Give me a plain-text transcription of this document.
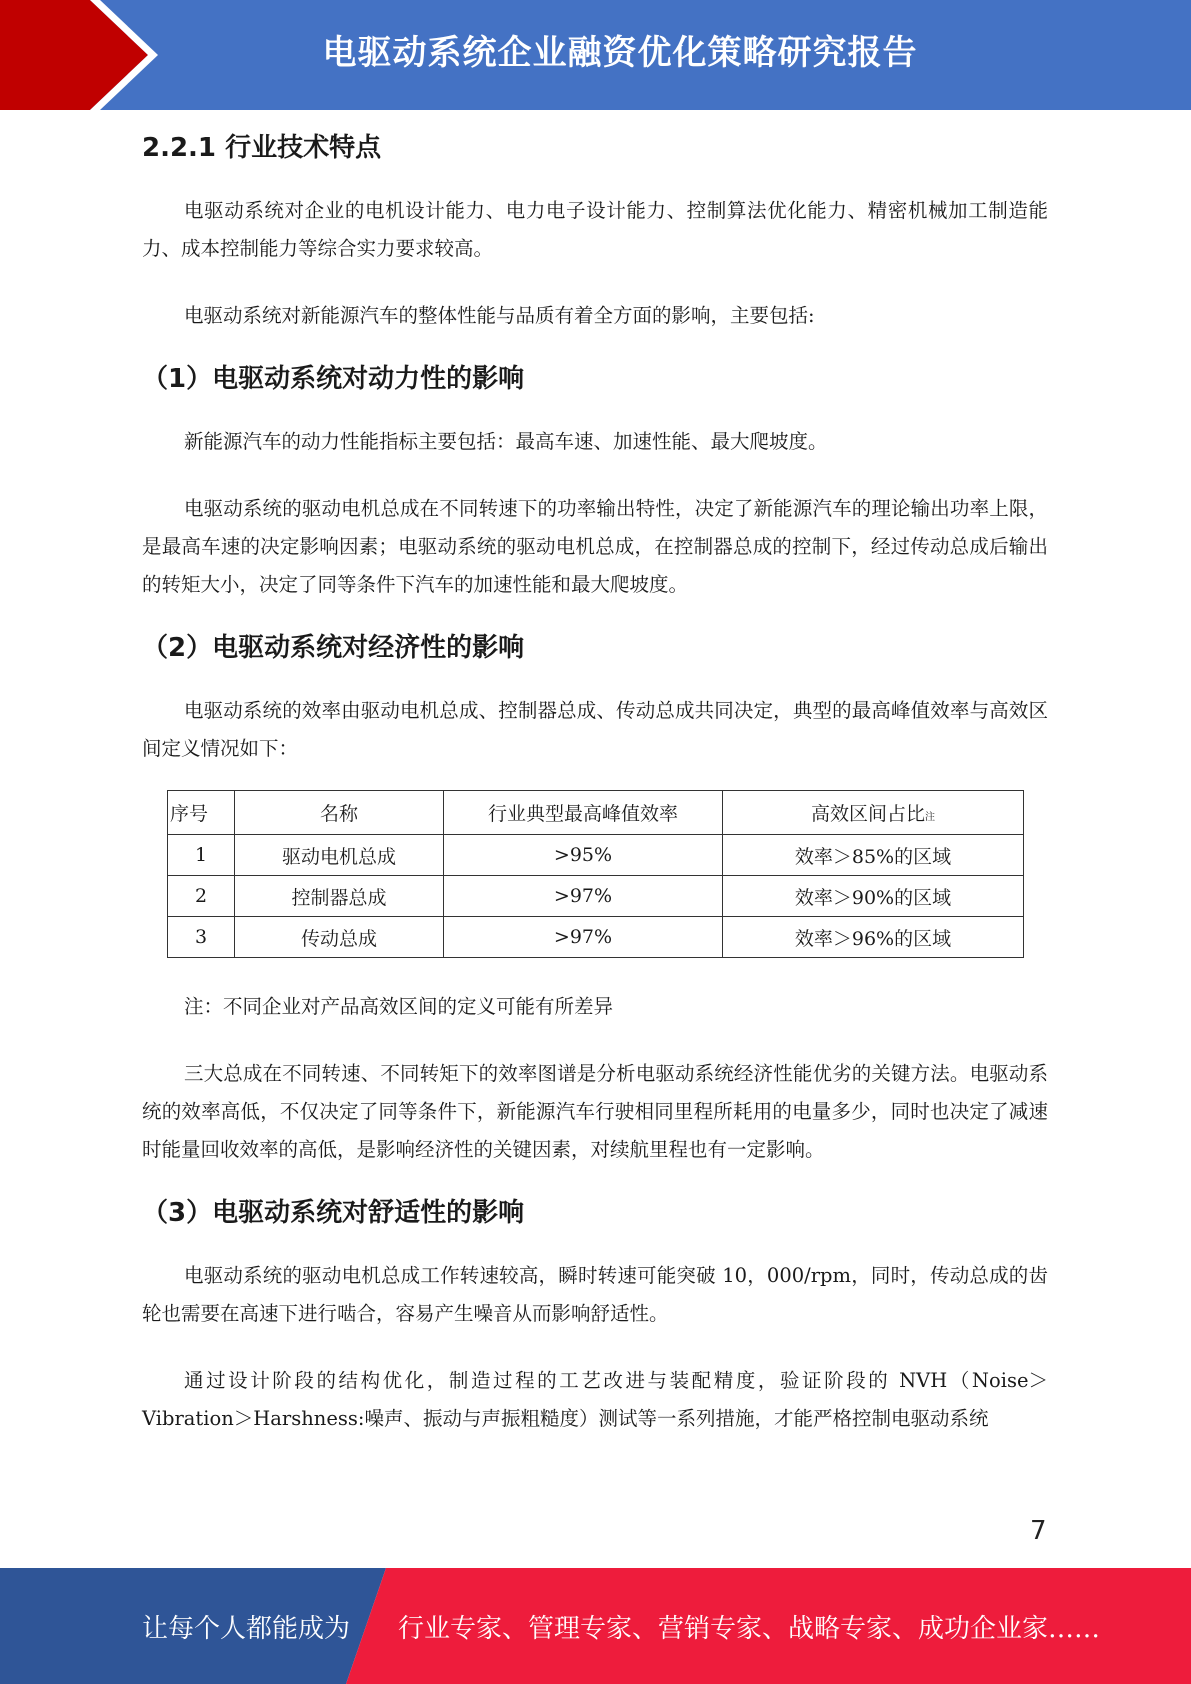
电驱动系统企业融资优化策略研究报告
2.2.1 行业技术特点

电驱动系统对企业的电机设计能力、电力电子设计能力、控制算法优化能力、精密机械加工制造能力、成本控制能力等综合实力要求较高。

电驱动系统对新能源汽车的整体性能与品质有着全方面的影响，主要包括:

（1）电驱动系统对动力性的影响

新能源汽车的动力性能指标主要包括：最高车速、加速性能、最大爬坡度。

电驱动系统的驱动电机总成在不同转速下的功率输出特性，决定了新能源汽车的理论输出功率上限，是最高车速的决定影响因素；电驱动系统的驱动电机总成，在控制器总成的控制下，经过传动总成后输出的转矩大小，决定了同等条件下汽车的加速性能和最大爬坡度。

（2）电驱动系统对经济性的影响

电驱动系统的效率由驱动电机总成、控制器总成、传动总成共同决定，典型的最高峰值效率与高效区间定义情况如下：

序号	名称	行业典型最高峰值效率	高效区间占比注
1	驱动电机总成	>95%	效率＞85%的区域
2	控制器总成	>97%	效率＞90%的区域
3	传动总成	>97%	效率＞96%的区域

注：不同企业对产品高效区间的定义可能有所差异

三大总成在不同转速、不同转矩下的效率图谱是分析电驱动系统经济性能优劣的关键方法。电驱动系统的效率高低，不仅决定了同等条件下，新能源汽车行驶相同里程所耗用的电量多少，同时也决定了减速时能量回收效率的高低，是影响经济性的关键因素，对续航里程也有一定影响。

（3）电驱动系统对舒适性的影响

电驱动系统的驱动电机总成工作转速较高，瞬时转速可能突破 10，000/rpm，同时，传动总成的齿轮也需要在高速下进行啮合，容易产生噪音从而影响舒适性。

通过设计阶段的结构优化，制造过程的工艺改进与装配精度，验证阶段的 NVH（Noise＞Vibration＞Harshness:噪声、振动与声振粗糙度）测试等一系列措施，才能严格控制电驱动系统

7
让每个人都能成为 行业专家、管理专家、营销专家、战略专家、成功企业家……
